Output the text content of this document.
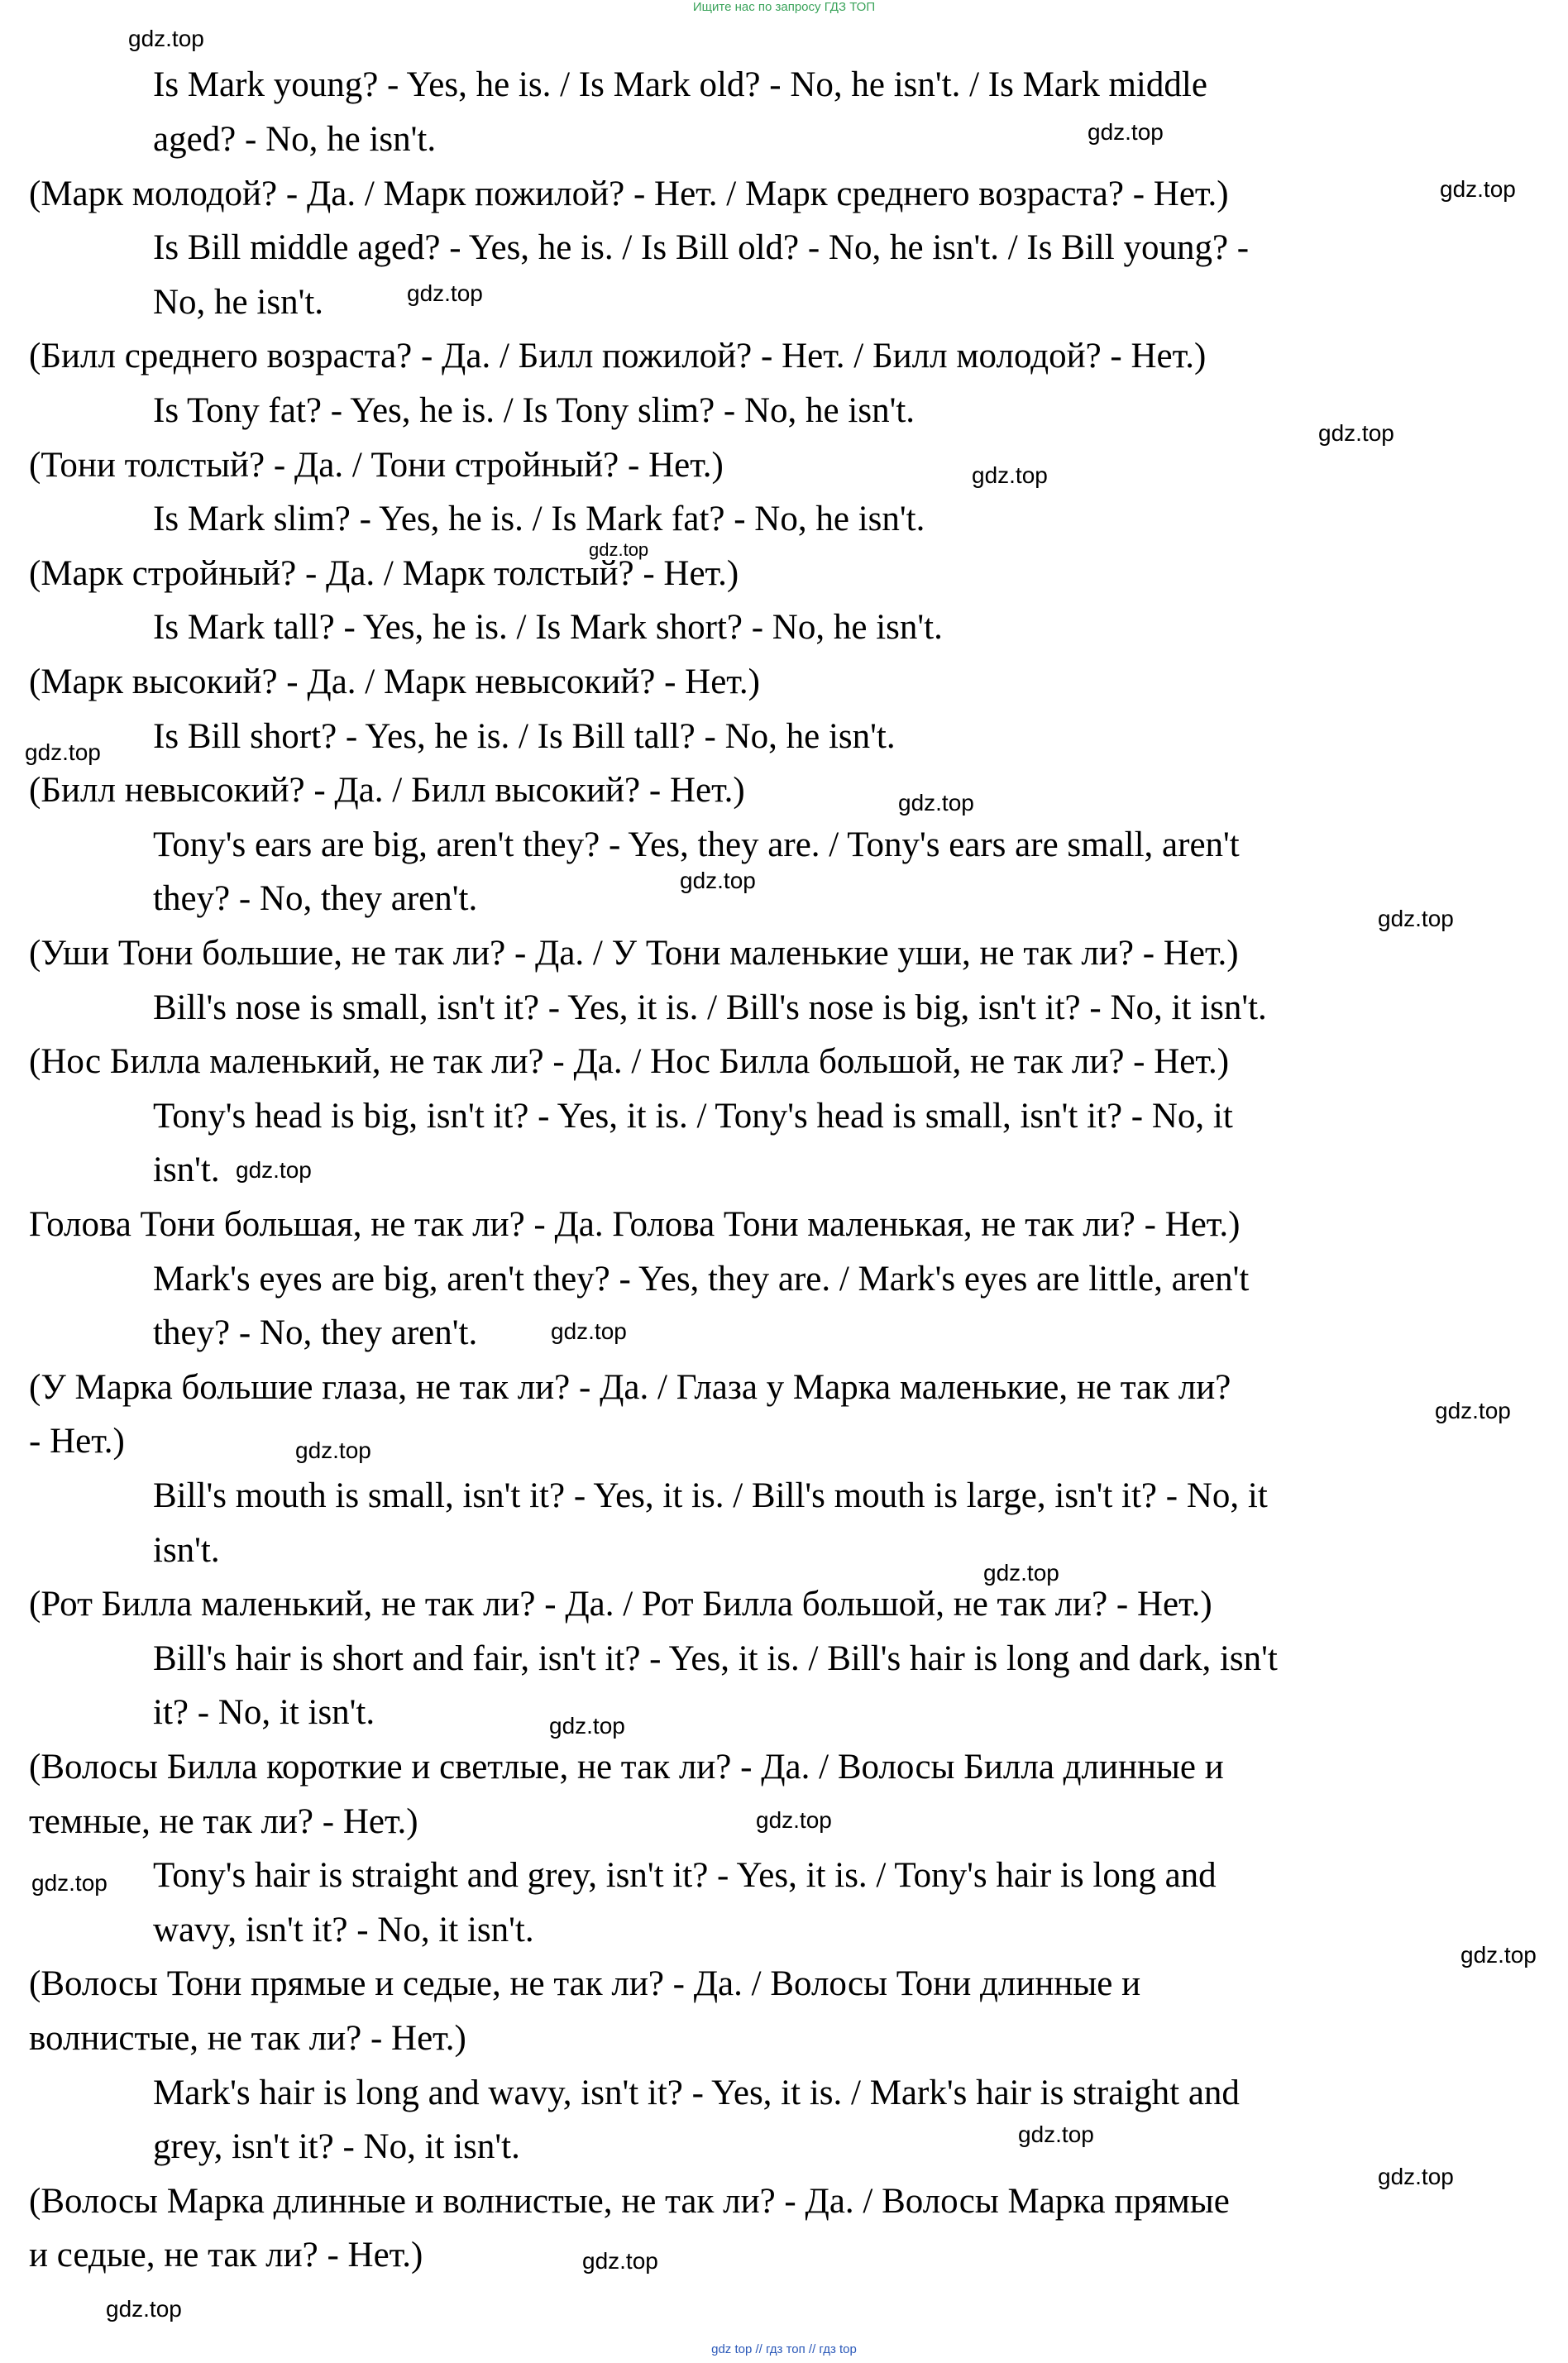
Ищите нас по запросу ГДЗ ТОП
Is Mark young? - Yes, he is. / Is Mark old? - No, he isn't. / Is Mark middle
aged? - No, he isn't.
(Марк молодой? - Да. / Марк пожилой? - Нет. / Марк среднего возраста? - Нет.)
Is Bill middle aged? - Yes, he is. / Is Bill old? - No, he isn't. / Is Bill young? -
No, he isn't.
(Билл среднего возраста? - Да. / Билл пожилой? - Нет. / Билл молодой? - Нет.)
Is Tony fat? - Yes, he is. / Is Tony slim? - No, he isn't.
(Тони толстый? - Да. / Тони стройный? - Нет.)
Is Mark slim? - Yes, he is. / Is Mark fat? - No, he isn't.
(Марк стройный? - Да. / Марк толстый? - Нет.)
Is Mark tall? - Yes, he is. / Is Mark short? - No, he isn't.
(Марк высокий? - Да. / Марк невысокий? - Нет.)
Is Bill short? - Yes, he is. / Is Bill tall? - No, he isn't.
(Билл невысокий? - Да. / Билл высокий? - Нет.)
Tony's ears are big, aren't they? - Yes, they are. / Tony's ears are small, aren't
they? - No, they aren't.
(Уши Тони большие, не так ли? - Да. / У Тони маленькие уши, не так ли? - Нет.)
Bill's nose is small, isn't it? - Yes, it is. / Bill's nose is big, isn't it? - No, it isn't.
(Нос Билла маленький, не так ли? - Да. / Нос Билла большой, не так ли? - Нет.)
Tony's head is big, isn't it? - Yes, it is. / Tony's head is small, isn't it? - No, it
isn't.
Голова Тони большая, не так ли? - Да. Голова Тони маленькая, не так ли? - Нет.)
Mark's eyes are big, aren't they? - Yes, they are. / Mark's eyes are little, aren't
they? - No, they aren't.
(У Марка большие глаза, не так ли? - Да. / Глаза у Марка маленькие, не так ли?
- Нет.)
Bill's mouth is small, isn't it? - Yes, it is. / Bill's mouth is large, isn't it? - No, it
isn't.
(Рот Билла маленький, не так ли? - Да. / Рот Билла большой, не так ли? - Нет.)
Bill's hair is short and fair, isn't it? - Yes, it is. / Bill's hair is long and dark, isn't
it? - No, it isn't.
(Волосы Билла короткие и светлые, не так ли? - Да. / Волосы Билла длинные и
темные, не так ли? - Нет.)
Tony's hair is straight and grey, isn't it? - Yes, it is. / Tony's hair is long and
wavy, isn't it? - No, it isn't.
(Волосы Тони прямые и седые, не так ли? - Да. / Волосы Тони длинные и
волнистые, не так ли? - Нет.)
Mark's hair is long and wavy, isn't it? - Yes, it is. / Mark's hair is straight and
grey, isn't it? - No, it isn't.
(Волосы Марка длинные и волнистые, не так ли? - Да. / Волосы Марка прямые
и седые, не так ли? - Нет.)
gdz.top
gdz.top
gdz.top
gdz.top
gdz.top
gdz.top
gdz.top
gdz.top
gdz.top
gdz.top
gdz.top
gdz.top
gdz.top
gdz.top
gdz.top
gdz.top
gdz.top
gdz.top
gdz.top
gdz.top
gdz.top
gdz.top
gdz.top
gdz.top
gdz top // гдз топ // гдз top
